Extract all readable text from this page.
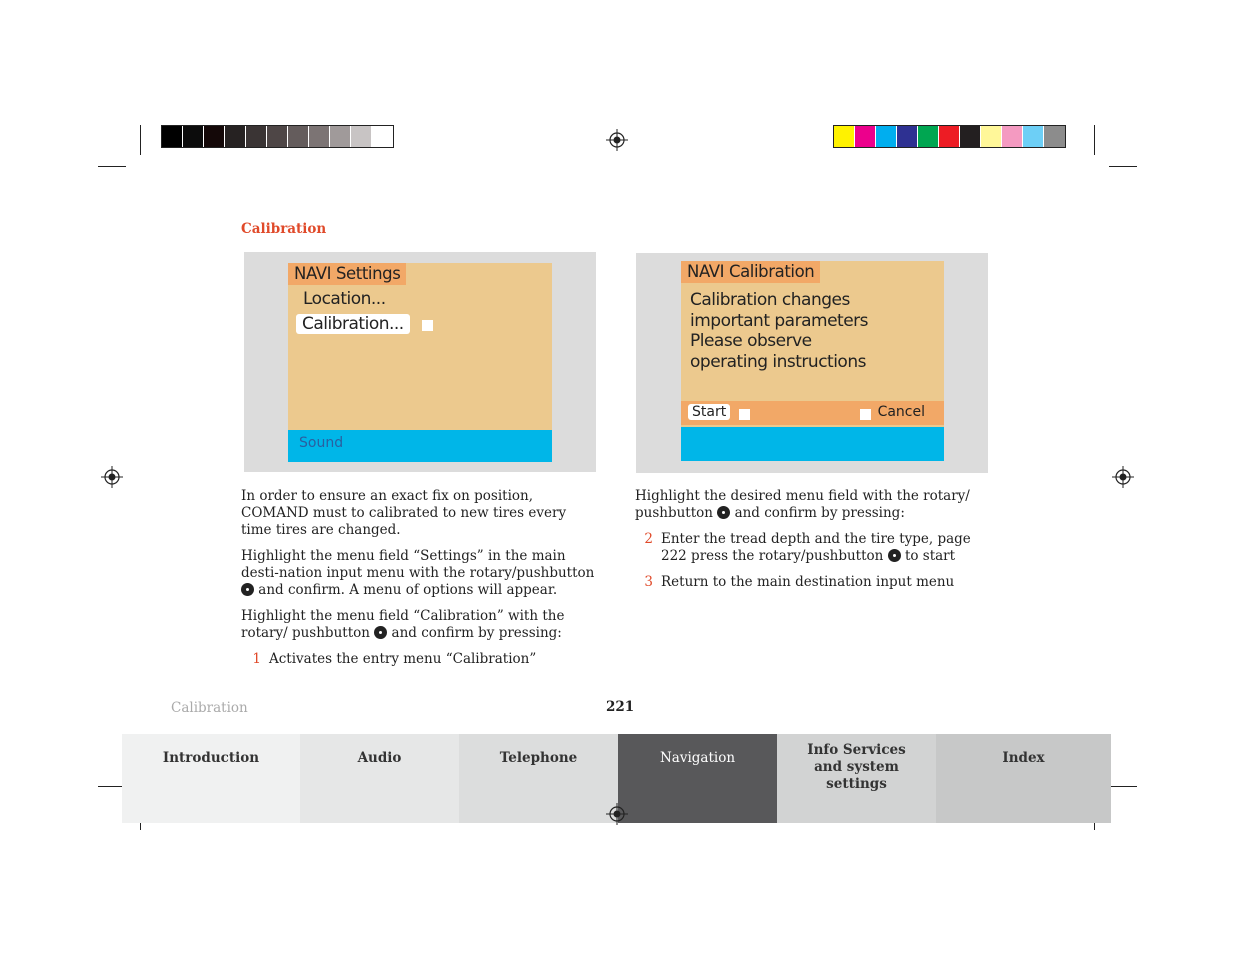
Calibration
NAVI Settings
Location...
Calibration...
Sound
NAVI Calibration
Calibration changes
important parameters
Please observe
operating instructions
Start	Cancel

In order to ensure an exact fix on position, COMAND must to calibrated to new tires every time tires are changed.

Highlight the menu field “Settings” in the main desti-nation input menu with the rotary/pushbutton  and confirm. A menu of options will appear.

Highlight the menu field “Calibration” with the rotary/ pushbutton and confirm by pressing:

1 Activates the entry menu “Calibration”

Highlight the desired menu field with the rotary/ pushbutton and confirm by pressing:

2 Enter the tread depth and the tire type, page 222 press the rotary/pushbutton to start
3 Return to the main destination input menu
Calibration	221
Introduction	Audio	Telephone	Navigation	Info Services and system settings
Index
